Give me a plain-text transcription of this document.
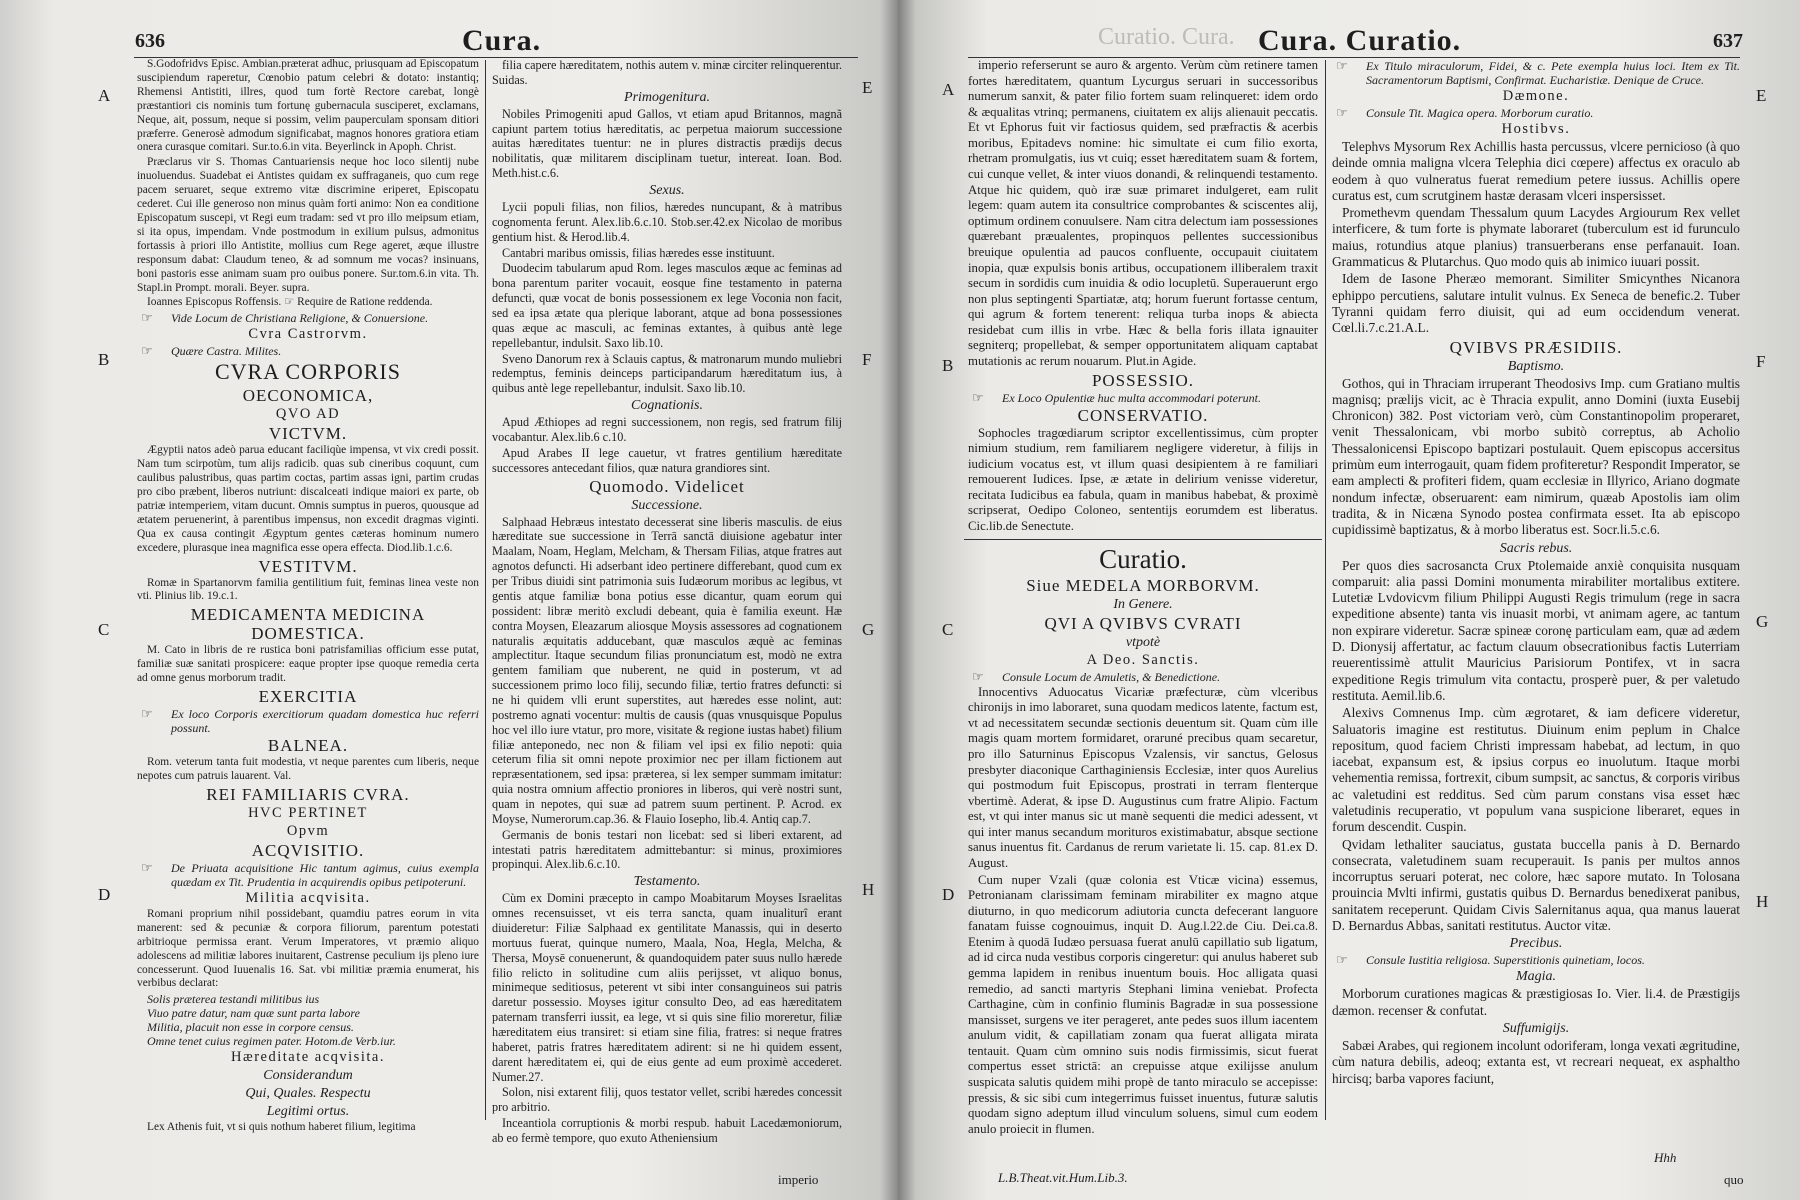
636	Cura.
A
B
C
D
E
F
G
H

S.Godofridvs Episc. Ambian.præterat adhuc, priusquam ad Episcopatum suscipiendum raperetur, Cœnobio patum celebri & dotato: instantiq; Rhemensi Antistiti, illres, quod tum fortè Rectore carebat, longè præstantiori cis nominis tum fortunę gubernacula susciperet, exclamans, Neque, ait, possum, neque si possim, velim pauperculam sponsam ditiori præferre. Generosè admodum significabat, magnos honores gratiora etiam onera curasque comitari. Sur.to.6.in vita. Beyerlinck in Apoph. Christ.

Præclarus vir S. Thomas Cantuariensis neque hoc loco silentij nube inuoluendus. Suadebat ei Antistes quidam ex suffraganeis, quo cum rege pacem seruaret, seque extremo vitæ discrimine eriperet, Episcopatu cederet. Cui ille generoso non minus quàm forti animo: Non ea conditione Episcopatum suscepi, vt Regi eum tradam: sed vt pro illo meipsum etiam, si ita opus, impendam. Vnde postmodum in exilium pulsus, admonitus fortassis à priori illo Antistite, mollius cum Rege ageret, æque illustre responsum dabat: Claudum teneo, & ad somnum me vocas? insinuans, boni pastoris esse animam suam pro ouibus ponere. Sur.tom.6.in vita. Th. Stapl.in Prompt. morali. Beyer. supra.

Ioannes Episcopus Roffensis. ☞ Require de Ratione reddenda.

☞ Vide Locum de Christiana Religione, & Conuersione.
Cvra Castrorvm.
☞ Quære Castra. Milites.
CVRA CORPORIS
OECONOMICA,
QVO AD
VICTVM.

Ægyptii natos adeò parua educant faciliqùe impensa, vt vix credi possit. Nam tum scirpotùm, tum alijs radicib. quas sub cineribus coquunt, cum caulibus palustribus, quas partim coctas, partim assas igni, partim crudas pro cibo præbent, liberos nutriunt: discalceati indique maiori ex parte, ob patriæ intemperiem, vitam ducunt. Omnis sumptus in pueros, quousque ad ætatem peruenerint, à parentibus impensus, non excedit dragmas viginti. Qua ex causa contingit Ægyptum gentes cæteras hominum numero excedere, plurasque inea magnifica esse opera effecta. Diod.lib.1.c.6.

VESTITVM.

Romæ in Spartanorvm familia gentilitium fuit, feminas linea veste non vti. Plinius lib. 19.c.1.

MEDICAMENTA MEDICINA DOMESTICA.

M. Cato in libris de re rustica boni patrisfamilias officium esse putat, familiæ suæ sanitati prospicere: eaque propter ipse quoque remedia certa ad omne genus morborum tradit.

EXERCITIA
☞ Ex loco Corporis exercitiorum quadam domestica huc referri possunt.
BALNEA.

Rom. veterum tanta fuit modestia, vt neque parentes cum liberis, neque nepotes cum patruis lauarent. Val.

REI FAMILIARIS CVRA.
HVC PERTINET
Opvm
ACQVISITIO.
☞ De Priuata acquisitione Hic tantum agimus, cuius exempla quædam ex Tit. Prudentia in acquirendis opibus petipoteruni.
Militia acqvisita.

Romani proprium nihil possidebant, quamdiu patres eorum in vita manerent: sed & pecuniæ & corpora filiorum, parentum potestati arbitrioque permissa erant. Verum Imperatores, vt præmio aliquo adolescens ad militiæ labores inuitarent, Castrense peculium ijs pleno iure concesserunt. Quod Iuuenalis 16. Sat. vbi militiæ præmia enumerat, his verbibus declarat:

Solis præterea testandi militibus ius
Viuo patre datur, nam quæ sunt parta labore
Militia, placuit non esse in corpore census.
Omne tenet cuius regimen pater. Hotom.de Verb.iur.
Hæreditate acqvisita.
Considerandum
Qui, Quales. Respectu
Legitimi ortus.

Lex Athenis fuit, vt si quis nothum haberet filium, legitima

filia capere hæreditatem, nothis autem v. minæ circiter relinquerentur. Suidas.

Primogenitura.

Nobiles Primogeniti apud Gallos, vt etiam apud Britannos, magnã capiunt partem totius hæreditatis, ac perpetua maiorum successione auitas hæreditates tuentur: ne in plures distractis prædijs decus nobilitatis, quæ militarem disciplinam tuetur, intereat. Ioan. Bod. Meth.hist.c.6.

Sexus.

Lycii populi filias, non filios, hæredes nuncupant, & à matribus cognomenta ferunt. Alex.lib.6.c.10. Stob.ser.42.ex Nicolao de moribus gentium hist. & Herod.lib.4.

Cantabri maribus omissis, filias hæredes esse instituunt.

Duodecim tabularum apud Rom. leges masculos æque ac feminas ad bona parentum pariter vocauit, eosque fine testamento in paterna defuncti, quæ vocat de bonis possessionem ex lege Voconia non facit, sed ea ipsa ætate qua plerique laborant, atque ad bona possessiones quas æque ac masculi, ac feminas extantes, à quibus antè lege repellebantur, indulsit. Saxo lib.10.

Sveno Danorum rex à Sclauis captus, & matronarum mundo muliebri redemptus, feminis deinceps participandarum hæreditatum ius, à quibus antè lege repellebantur, indulsit. Saxo lib.10.

Cognationis.

Apud Æthiopes ad regni successionem, non regis, sed fratrum filij vocabantur. Alex.lib.6 c.10.

Apud Arabes II lege cauetur, vt fratres gentilium hæreditate successores antecedant filios, quæ natura grandiores sint.

Quomodo. Videlicet
Successione.

Salphaad Hebræus intestato decesserat sine liberis masculis. de eius hæreditate sue successione in Terrā sanctā diuisione agebatur inter Maalam, Noam, Heglam, Melcham, & Thersam Filias, atque fratres aut agnotos defuncti. Hi adserbant ideo pertinere differebant, quod cum ex per Tribus diuidi sint patrimonia suis Iudæorum moribus ac legibus, vt gentis atque familiæ bona potius esse dicantur, quam eorum qui possident: libræ meritò excludi debeant, quia è familia exeunt. Hæ contra Moysen, Eleazarum aliosque Moysis assessores ad cognationem naturalis æquitatis adducebant, quæ masculos æquè ac feminas amplectitur. Itaque secundum filias pronunciatum est, modò ne extra gentem familiam que nuberent, ne quid in posterum, vt ad successionem primo loco filij, secundo filiæ, tertio fratres defuncti: si ne hi quidem vlli erunt superstites, aut hæredes esse nolint, aut: postremo agnati vocentur: multis de causis (quas vnusquisque Populus hoc vel illo iure vtatur, pro more, visitate & regione iustas habet) filium filiæ anteponedo, nec non & filiam vel ipsi ex filio nepoti: quia ceterum filia sit omni nepote proximior nec per illam fictionem aut repræsentationem, sed ipsa: præterea, si lex semper summam imitatur: quia nostra omnium affectio proniores in liberos, qui verè nostri sunt, quam in nepotes, qui suæ ad patrem suum pertinent. P. Acrod. ex Moyse, Numerorum.cap.36. & Flauio Iosepho, lib.4. Antiq cap.7.

Germanis de bonis testari non licebat: sed si liberi extarent, ad intestati patris hæreditatem admittebantur: si minus, proximiores propinqui. Alex.lib.6.c.10.

Testamento.

Cùm ex Domini præcepto in campo Moabitarum Moyses Israelitas omnes recensuisset, vt eis terra sancta, quam inualiturî erant diuideretur: Filiæ Salphaad ex gentilitate Manassis, qui in deserto mortuus fuerat, quinque numero, Maala, Noa, Hegla, Melcha, & Thersa, Moysē conuenerunt, & quandoquidem pater suus nullo hærede filio relicto in solitudine cum aliis perijsset, vt aliquo bonus, minimeque seditiosus, peterent vt sibi inter consanguineos sui patris daretur possessio. Moyses igitur consulto Deo, ad eas hæreditatem paternam transferri iussit, ea lege, vt si quis sine filio moreretur, filiæ hæreditatem eius transiret: si etiam sine filia, fratres: si neque fratres haberet, patris fratres hæreditatem adirent: si ne hi quidem essent, darent hæreditatem ei, qui de eius gente ad eum proximè accederet. Numer.27.

Solon, nisi extarent filij, quos testator vellet, scribi hæredes concessit pro arbitrio.

Inceantiola corruptionis & morbi respub. habuit Lacedæmoniorum, ab eo fermè tempore, quo exuto Atheniensium

imperio
Curatio. Cura. Cura. Curatio.	637
A
B
C
D
E
F
G
H

imperio referserunt se auro & argento. Verùm cùm retinere tamen fortes hæreditatem, quantum Lycurgus seruari in successoribus numerum sanxit, & pater filio fortem suam relinqueret: idem ordo & æqualitas vtrinq; permanens, ciuitatem ex alijs alienauit peccatis. Et vt Ephorus fuit vir factiosus quidem, sed præfractis & acerbis moribus, Epitadevs nomine: hic simultate ei cum filio exorta, rhetram promulgatis, ius vt cuiq; esset hæreditatem suam & fortem, cui cunque vellet, & inter viuos donandi, & relinquendi testamento. Atque hic quidem, quò iræ suæ primaret indulgeret, eam rulit legem: quam autem ita consultrice comprobantes & sciscentes alij, optimum ordinem conuulsere. Nam citra delectum iam possessiones quærebant præualentes, propinquos pellentes successionibus breuique opulentia ad paucos confluente, occupauit ciuitatem inopia, quæ expulsis bonis artibus, occupationem illiberalem traxit secum in sordidis cum inuidia & odio locupletū. Superauerunt ergo non plus septingenti Spartiatæ, atq; horum fuerunt fortasse centum, qui agrum & fortem tenerent: reliqua turba inops & abiecta residebat cum illis in vrbe. Hæc & bella foris illata ignauiter segniterq; propellebat, & semper opportunitatem aliquam captabat mutationis ac rerum nouarum. Plut.in Agide.

POSSESSIO.
☞ Ex Loco Opulentiæ huc multa accommodari poterunt.
CONSERVATIO.

Sophocles tragœdiarum scriptor excellentissimus, cùm propter nimium studium, rem familiarem negligere videretur, à filijs in iudicium vocatus est, vt illum quasi desipientem à re familiari remouerent Iudices. Ipse, æ ætate in delirium venisse videretur, recitata Iudicibus ea fabula, quam in manibus habebat, & proximè scripserat, Oedipo Coloneo, sententijs eorumdem est liberatus. Cic.lib.de Senectute.

Curatio.
Siue MEDELA MORBORVM.
In Genere.
QVI A QVIBVS CVRATI
vtpotè
A Deo. Sanctis.
☞ Consule Locum de Amuletis, & Benedictione.

Innocentivs Aduocatus Vicariæ præfecturæ, cùm vlceribus chironijs in imo laboraret, suna quodam medicos latente, factum est, vt ad necessitatem secundæ sectionis deuentum sit. Quam cùm ille magis quam mortem formidaret, oraruné precibus quam secaretur, pro illo Saturninus Episcopus Vzalensis, vir sanctus, Gelosus presbyter diaconique Carthaginiensis Ecclesiæ, inter quos Aurelius qui postmodum fuit Episcopus, prostrati in terram flenterque vbertimè. Aderat, & ipse D. Augustinus cum fratre Alipio. Factum est, vt qui inter manus sic ut manè sequenti die medici adessent, vt qui inter manus secandum morituros existimabatur, absque sectione sanus inuentus fit. Cardanus de rerum varietate li. 15. cap. 81.ex D. August.

Cum nuper Vzali (quæ colonia est Vticæ vicina) essemus, Petronianam clarissimam feminam mirabiliter ex magno atque diuturno, in quo medicorum adiutoria cuncta defecerant languore fanatam fuisse cognouimus, inquit D. Aug.l.22.de Ciu. Dei.ca.8. Etenim à quodā Iudæo persuasa fuerat anulū capillatio sub ligatum, ad id circa nuda vestibus corporis cingeretur: qui anulus haberet sub gemma lapidem in renibus inuentum bouis. Hoc alligata quasi remedio, ad sancti martyris Stephani limina veniebat. Profecta Carthagine, cùm in confinio fluminis Bagradæ in sua possessione mansisset, surgens ve iter perageret, ante pedes suos illum iacentem anulum vidit, & capillatiam zonam qua fuerat alligata mirata tentauit. Quam cùm omnino suis nodis firmissimis, sicut fuerat compertus esset strictā: an crepuisse atque exilijsse anulum suspicata salutis quidem mihi propè de tanto miraculo se accepisse: pressis, & sic sibi cum integerrimus fuisset inuentus, futuræ salutis quodam signo adeptum illud vinculum soluens, simul cum eodem anulo proiecit in flumen.

☞ Ex Titulo miraculorum, Fidei, & c. Pete exempla huius loci. Item ex Tit. Sacramentorum Baptismi, Confirmat. Eucharistiæ. Denique de Cruce.
Dæmone.
☞ Consule Tit. Magica opera. Morborum curatio.
Hostibvs.

Telephvs Mysorum Rex Achillis hasta percussus, vlcere pernicioso (à quo deinde omnia maligna vlcera Telephia dici cœpere) affectus ex oraculo ab eodem à quo vulneratus fuerat remedium petere iussus. Achillis opere curatus est, cum scrutginem hastæ derasam vlceri inspersisset.

Promethevm quendam Thessalum quum Lacydes Argiourum Rex vellet interficere, & tum forte is phymate laboraret (tuberculum est id furunculo maius, rotundius atque planius) transuerberans ense perfanauit. Ioan. Grammaticus & Plutarchus. Quo modo quis ab inimico iuuari possit.

Idem de Iasone Pheræo memorant. Similiter Smicynthes Nicanora ephippo percutiens, salutare intulit vulnus. Ex Seneca de benefic.2. Tuber Tyranni quidam ferro diuisit, qui ad eum occidendum venerat. Cœl.li.7.c.21.A.L.

QVIBVS PRÆSIDIIS.
Baptismo.

Gothos, qui in Thraciam irruperant Theodosivs Imp. cum Gratiano multis magnisq; prælijs vicit, ac è Thracia expulit, anno Domini (iuxta Eusebij Chronicon) 382. Post victoriam verò, cùm Constantinopolim properaret, venit Thessalonicam, vbi morbo subitò correptus, ab Acholio Thessalonicensi Episcopo baptizari postulauit. Quem episcopus accersitus primùm eum interrogauit, quam fidem profiteretur? Respondit Imperator, se eam amplecti & profiteri fidem, quam ecclesiæ in Illyrico, Ariano dogmate nondum infectæ, obseruarent: eam nimirum, quæab Apostolis iam olim tradita, & in Nicæna Synodo postea confirmata esset. Ita ab episcopo cupidissimè baptizatus, & à morbo liberatus est. Socr.li.5.c.6.

Sacris rebus.

Per quos dies sacrosancta Crux Ptolemaide anxiè conquisita nusquam comparuit: alia passi Domini monumenta mirabiliter mortalibus extitere. Lutetiæ Lvdovicvm filium Philippi Augusti Regis trimulum (rege in sacra expeditione absente) tanta vis inuasit morbi, vt animam agere, ac tantum non expirare videretur. Sacræ spineæ coronę particulam eam, quæ ad ædem D. Dionysij affertatur, ac factum clauum obsecrationibus factis Luterriam reuerentissimè attulit Mauricius Parisiorum Pontifex, vt in sacra expeditione Regis trimulum vita contactu, prosperè puer, & per valetudo restituta. Aemil.lib.6.

Alexivs Comnenus Imp. cùm ægrotaret, & iam deficere videretur, Saluatoris imagine est restitutus. Diuinum enim peplum in Chalce repositum, quod faciem Christi impressam habebat, ad lectum, in quo iacebat, expansum est, & ipsius corpus eo inuolutum. Itaque morbi vehementia remissa, fortrexit, cibum sumpsit, ac sanctus, & corporis viribus ac valetudini est redditus. Sed cùm parum constans visa esset hæc valetudinis recuperatio, vt populum vana suspicione liberaret, eques in forum descendit. Cuspin.

Qvidam lethaliter sauciatus, gustata buccella panis à D. Bernardo consecrata, valetudinem suam recuperauit. Is panis per multos annos incorruptus seruari poterat, nec colore, hæc sapore mutato. In Tolosana prouincia Mvlti infirmi, gustatis quibus D. Bernardus benedixerat panibus, sanitatem receperunt. Quidam Civis Salernitanus aqua, qua manus lauerat D. Bernardus Abbas, sanitati restitutus. Auctor vitæ.

Precibus.
☞ Consule Iustitia religiosa. Superstitionis quinetiam, locos.
Magia.

Morborum curationes magicas & præstigiosas Io. Vier. li.4. de Præstigijs dæmon. recenser & confutat.

Suffumigijs.

Sabæi Arabes, qui regionem incolunt odoriferam, longa vexati ægritudine, cùm natura debilis, adeoq; extanta est, vt recreari nequeat, ex asphaltho hircisq; barba vapores faciunt,

L.B.Theat.vit.Hum.Lib.3.
Hhh
quo
